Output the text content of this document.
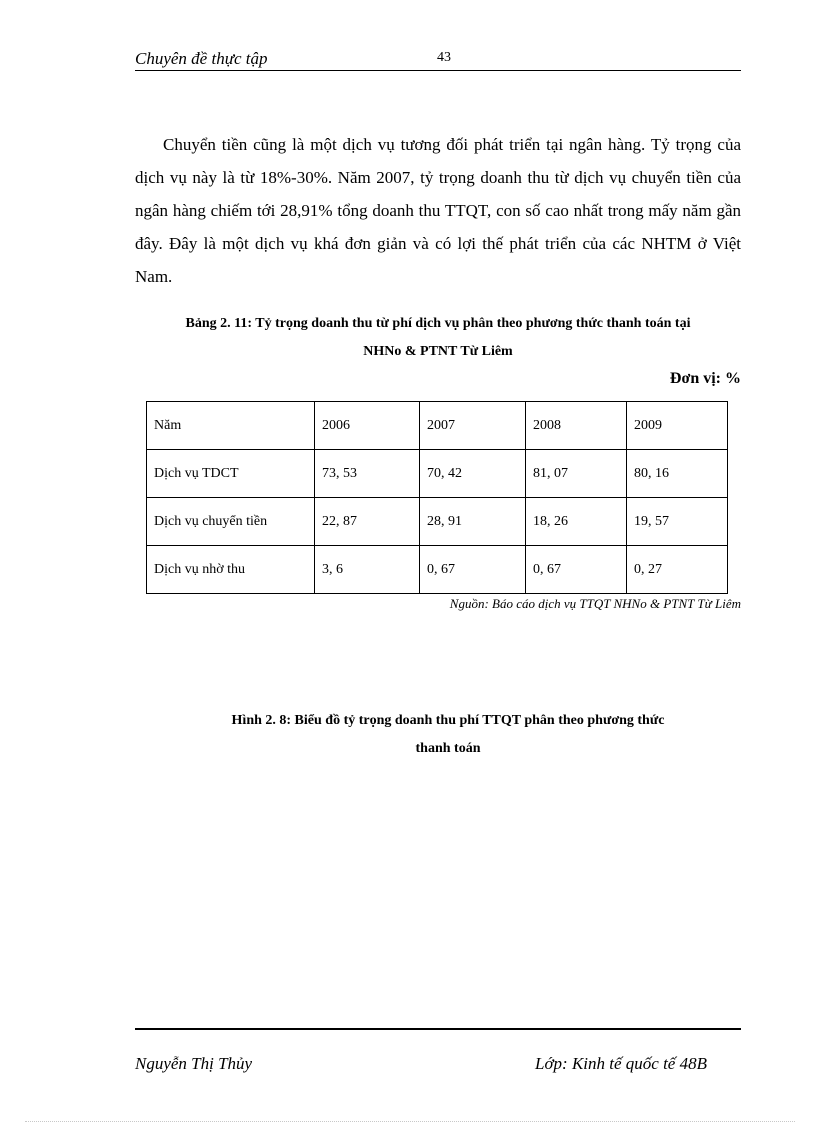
Chuyên đề thực tập	43
Chuyển tiền cũng là một dịch vụ tương đối phát triển tại ngân hàng. Tỷ trọng của dịch vụ này là từ 18%-30%. Năm 2007, tỷ trọng doanh thu từ dịch vụ chuyển tiền của ngân hàng chiếm tới 28,91% tổng doanh thu TTQT, con số cao nhất trong mấy năm gần đây. Đây là một dịch vụ khá đơn giản và có lợi thế phát triển của các NHTM ở Việt Nam.
Bảng 2. 11: Tỷ trọng doanh thu từ phí dịch vụ phân theo phương thức thanh toán tại
NHNo & PTNT Từ Liêm
Đơn vị: %
Năm	2006	2007	2008	2009
Dịch vụ TDCT	73, 53	70, 42	81, 07	80, 16
Dịch vụ chuyển tiền	22, 87	28, 91	18, 26	19, 57
Dịch vụ nhờ thu	3, 6	0, 67	0, 67	0, 27
Nguồn: Báo cáo dịch vụ TTQT NHNo & PTNT Từ Liêm
Hình 2. 8: Biểu đồ tỷ trọng doanh thu phí TTQT phân theo phương thức
thanh toán
Nguyễn Thị Thủy	Lớp: Kinh tế quốc tế 48B
